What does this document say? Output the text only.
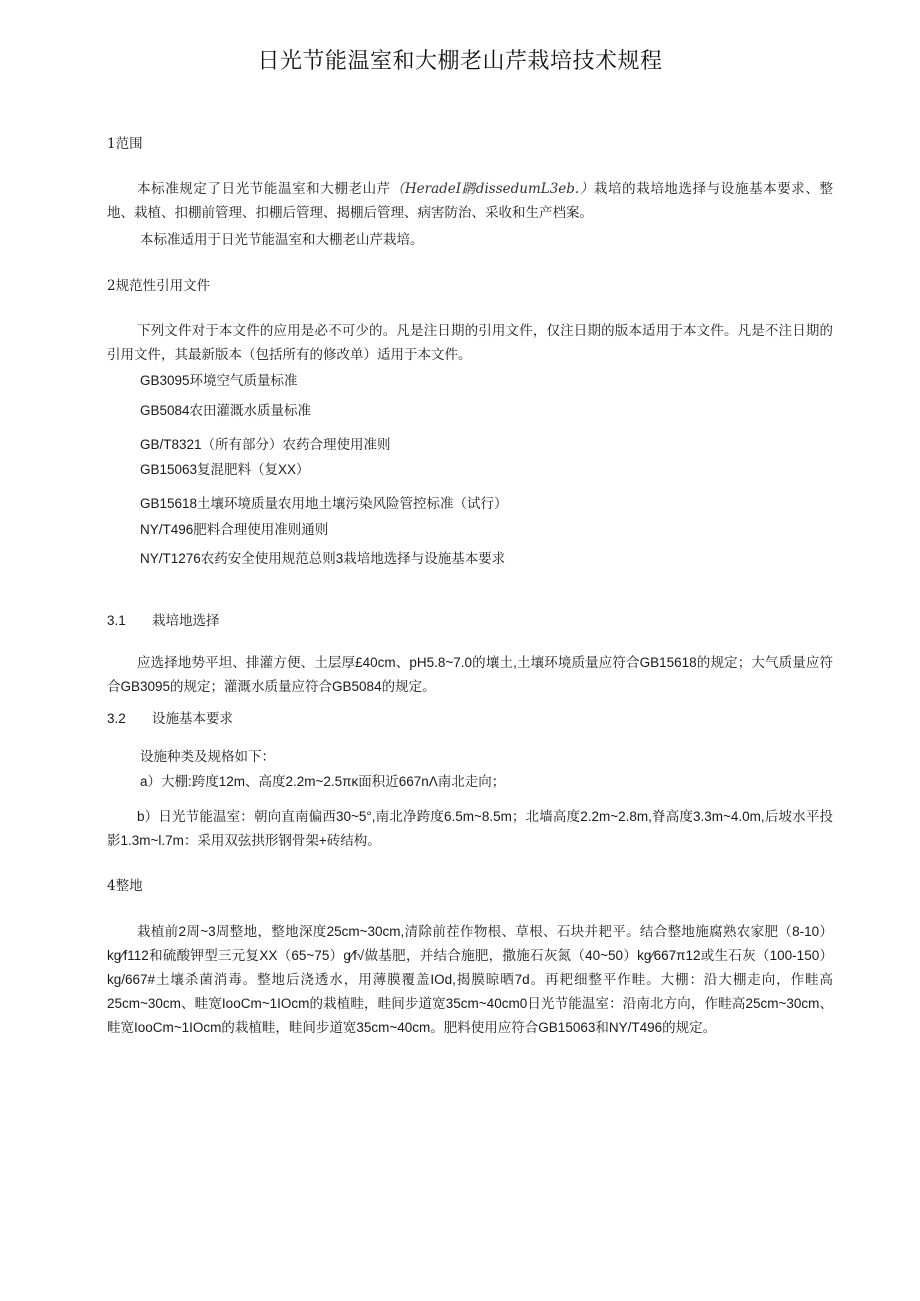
日光节能温室和大棚老山芹栽培技术规程
1范围

本标准规定了日光节能温室和大棚老山芹（HeradeI䴙dissedumL3eb.）栽培的栽培地选择与设施基本要求、整地、栽植、扣棚前管理、扣棚后管理、揭棚后管理、病害防治、采收和生产档案。

本标准适用于日光节能温室和大棚老山芹栽培。
2规范性引用文件

下列文件对于本文件的应用是必不可少的。凡是注日期的引用文件，仅注日期的版本适用于本文件。凡是不注日期的引用文件，其最新版本（包括所有的修改单）适用于本文件。

GB3095环境空气质量标准
GB5084农田灌溉水质量标准
GB/T8321（所有部分）农药合理使用准则
GB15063复混肥料（复XX）
GB15618土壤环境质量农用地土壤污染风险管控标准（试行）
NY/T496肥料合理使用准则通则
NY/T1276农药安全使用规范总则3栽培地选择与设施基本要求
3.1 栽培地选择

应选择地势平坦、排灌方便、土层厚£40cm、pH5.8~7.0的壤土,土壤环境质量应符合GB15618的规定；大气质量应符合GB3095的规定；灌溉水质量应符合GB5084的规定。

3.2 设施基本要求
设施种类及规格如下：
a）大棚:跨度12m、高度2.2m~2.5πκ面积近667nΛ南北走向；

b）日光节能温室：朝向直南偏西30~5°,南北净跨度6.5m~8.5m；北墙高度2.2m~2.8m,脊高度3.3m~4.0m,后坡水平投影1.3m~l.7m：采用双弦拱形钢骨架+砖结构。

4整地

栽植前2周~3周整地，整地深度25cm~30cm,清除前茬作物根、草根、石块并耙平。结合整地施腐熟农家肥（8-10）kg∕f112和硫酸钾型三元复XX（65~75）g∕f√做基肥，并结合施肥，撒施石灰氮（40~50）kg∕667π12或生石灰（100-150）kg/667#土壤杀菌消毒。整地后浇透水，用薄膜覆盖IOd,揭膜晾晒7d。再耙细整平作畦。大棚：沿大棚走向，作畦高25cm~30cm、畦宽IooCm~1IOcm的栽植畦，畦间步道宽35cm~40cm0日光节能温室：沿南北方向，作畦高25cm~30cm、畦宽IooCm~1IOcm的栽植畦，畦间步道宽35cm~40cm。肥料使用应符合GB15063和NY/T496的规定。
